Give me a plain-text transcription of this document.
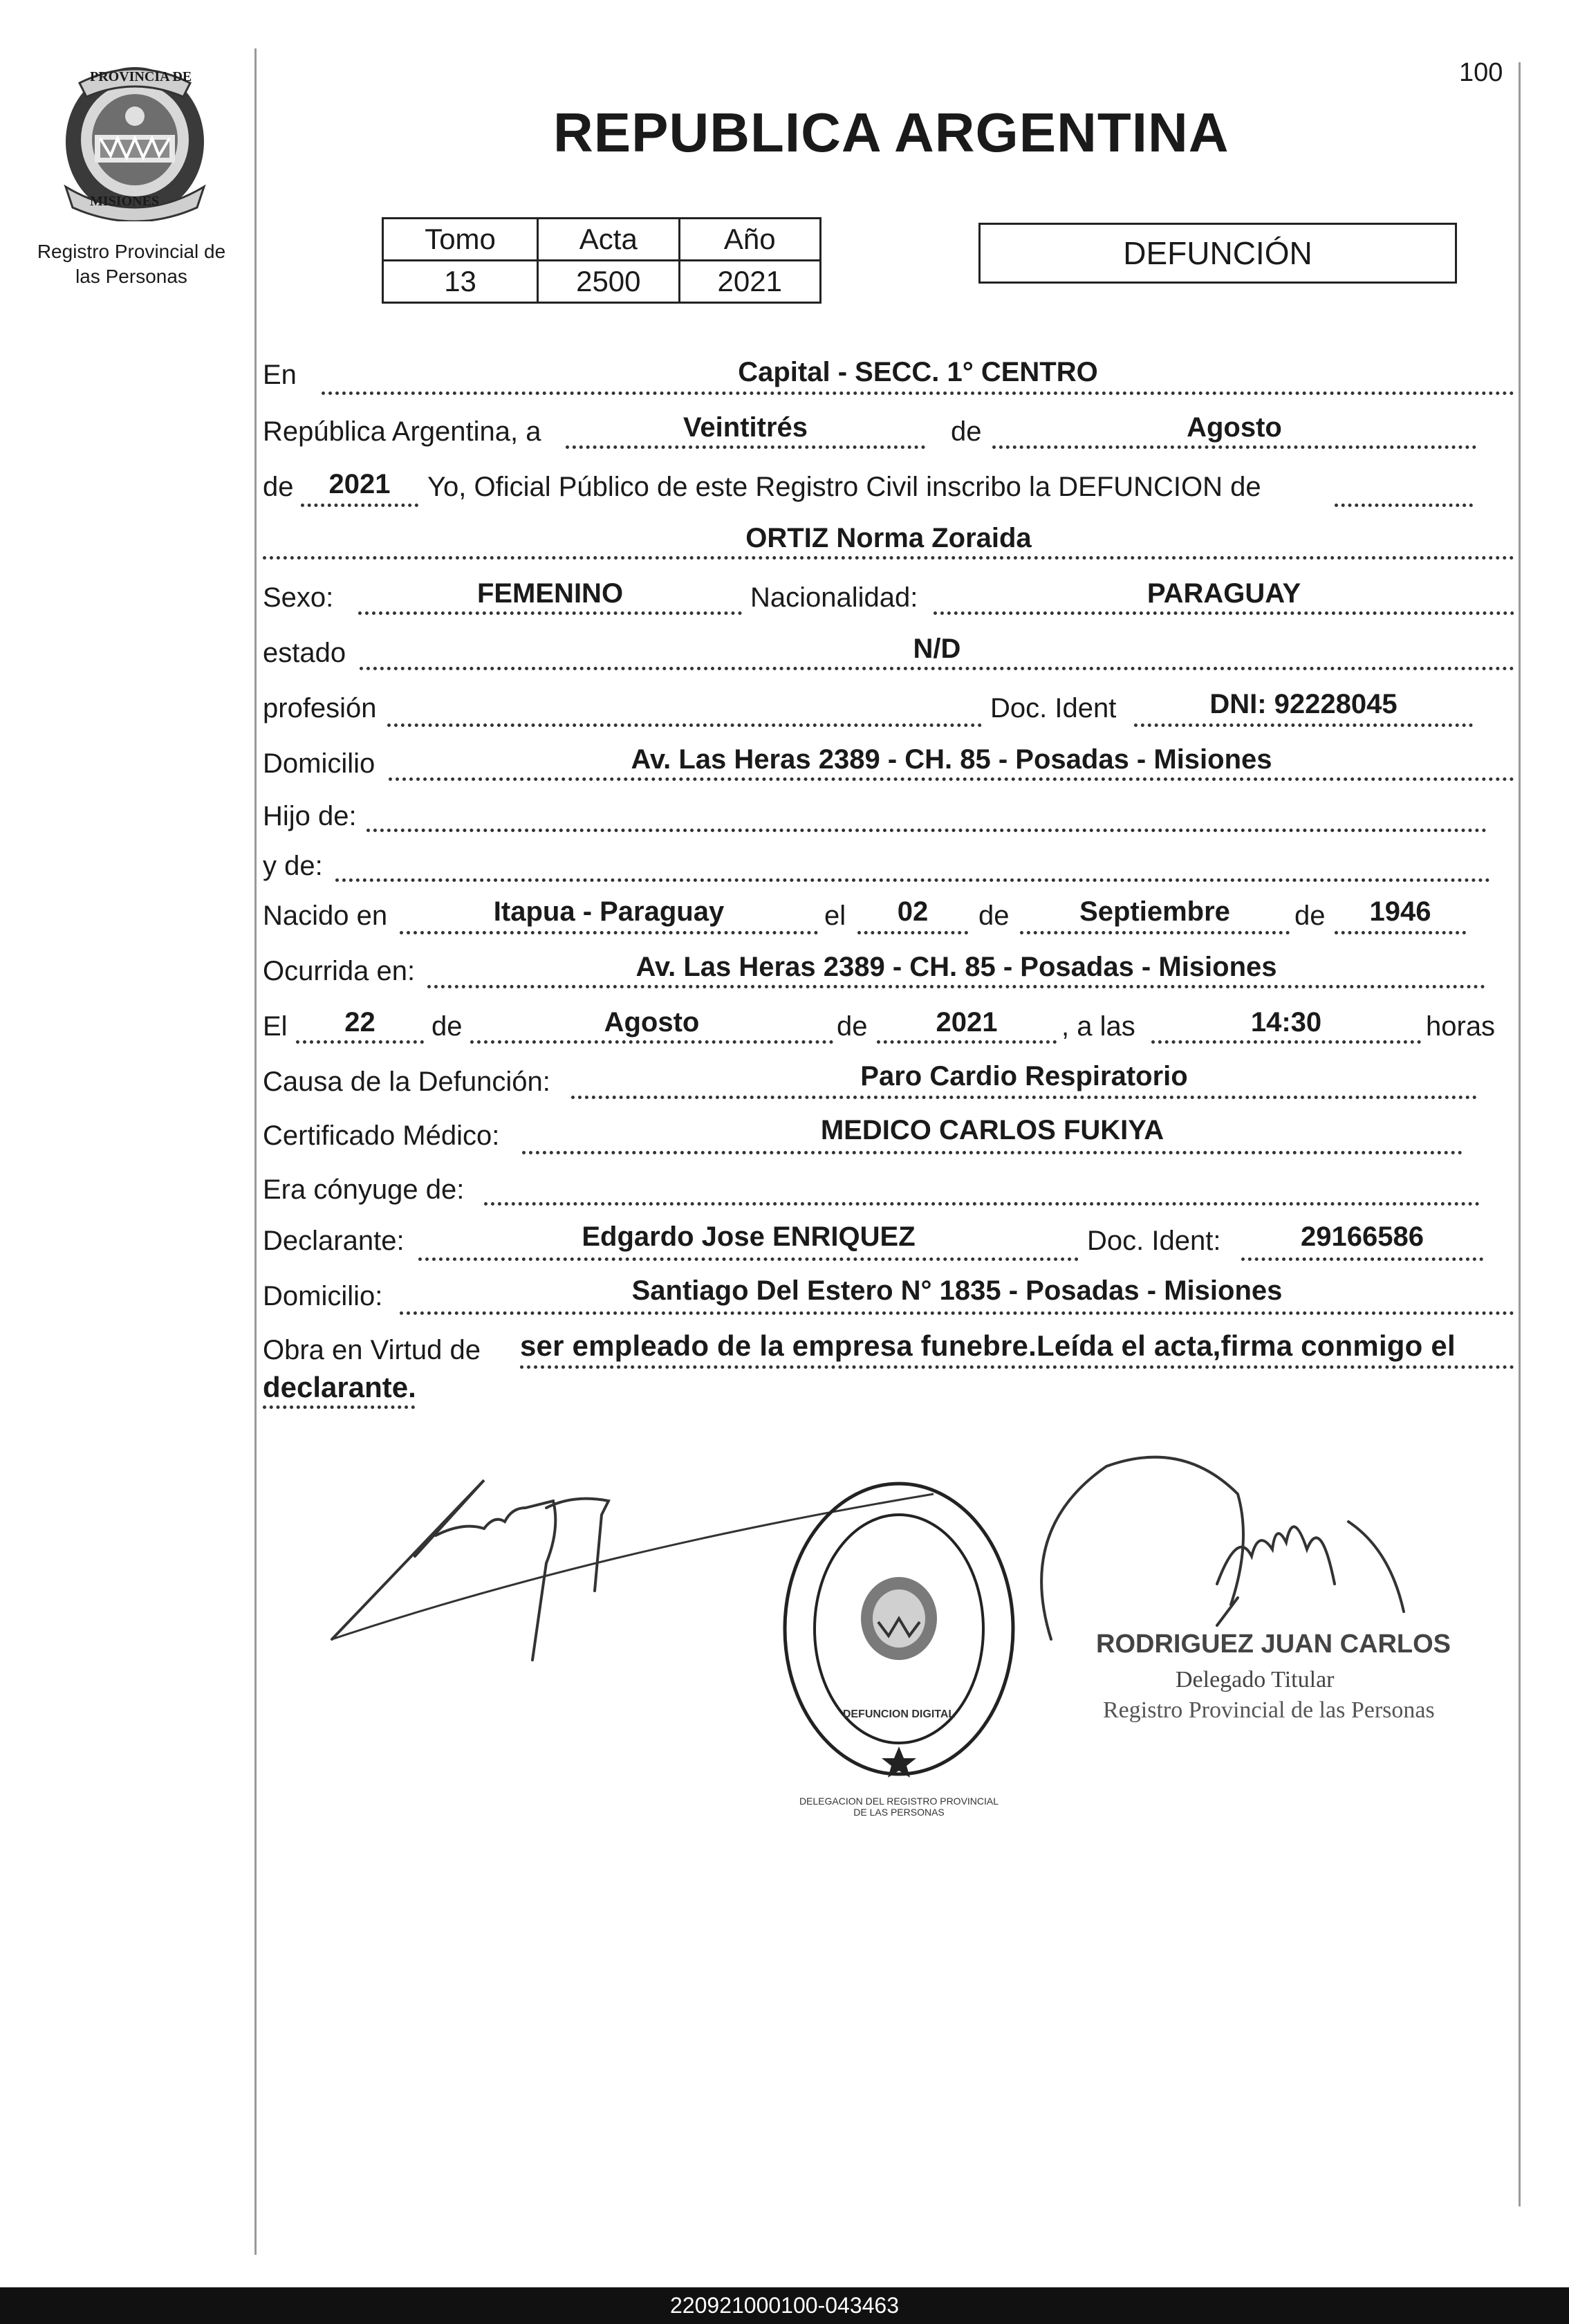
100
PROVINCIA DE
MISIONES
Registro Provincial de las Personas
REPUBLICA ARGENTINA
Tomo	Acta	Año
13	2500	2021
DEFUNCIÓN
En	Capital - SECC. 1° CENTRO
República Argentina, a	Veintitrés	de	Agosto
de	2021	Yo, Oficial Público de este Registro Civil inscribo la DEFUNCION de
ORTIZ Norma Zoraida
Sexo:	FEMENINO	Nacionalidad:	PARAGUAY
estado	N/D
profesión	Doc. Ident	DNI: 92228045
Domicilio	Av. Las Heras 2389 - CH. 85 - Posadas - Misiones
Hijo de:
y de:
Nacido en	Itapua - Paraguay	el	02	de	Septiembre	de	1946
Ocurrida en:	Av. Las Heras 2389 - CH. 85 - Posadas - Misiones
El	22	de	Agosto	de	2021	, a las	14:30	horas
Causa de la Defunción:	Paro Cardio Respiratorio
Certificado Médico:	MEDICO CARLOS FUKIYA
Era cónyuge de:
Declarante:	Edgardo Jose ENRIQUEZ	Doc. Ident:	29166586
Domicilio:	Santiago Del Estero N° 1835 - Posadas - Misiones
Obra en Virtud de ser empleado de la empresa funebre.Leída el acta,firma conmigo el
declarante.
RODRIGUEZ JUAN CARLOS
Delegado Titular
Registro Provincial de las Personas
DELEGACION DEL REGISTRO PROVINCIAL DE LAS PERSONAS
DEFUNCION DIGITAL
220921000100-043463
